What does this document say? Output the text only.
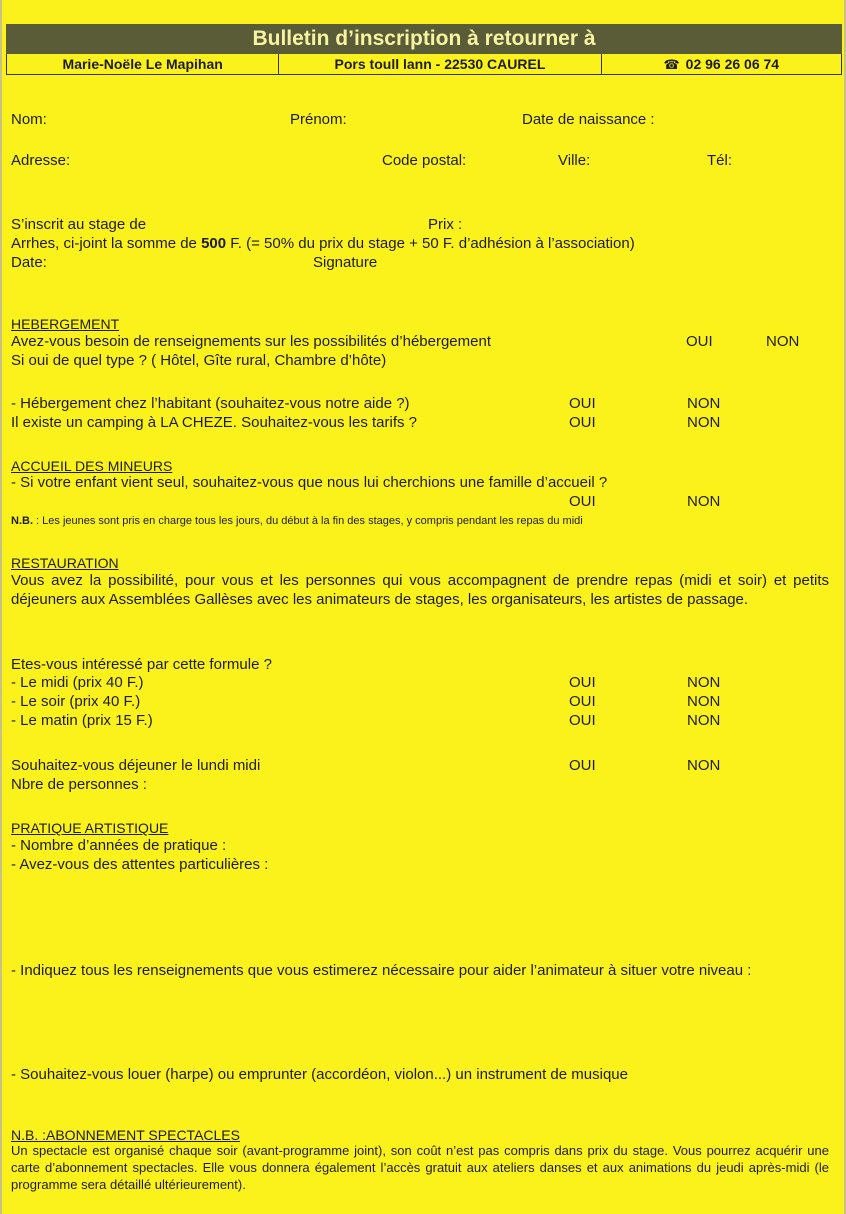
Bulletin d’inscription à retourner à
Marie-Noële Le Mapihan	Pors toull lann - 22530 CAUREL	☎ 02 96 26 06 74
Nom:	Prénom:	Date de naissance :
Adresse:	Code postal:	Ville:	Tél:
S’inscrit au stage de	Prix :
Arrhes, ci-joint la somme de 500 F. (= 50% du prix du stage + 50 F. d’adhésion à l’association)
Date:	Signature
HEBERGEMENT
Avez-vous besoin de renseignements sur les possibilités d’hébergement	OUI	NON
Si oui de quel type ? ( Hôtel, Gîte rural, Chambre d’hôte)
- Hébergement chez l’habitant (souhaitez-vous notre aide ?)	OUI	NON
Il existe un camping à LA CHEZE. Souhaitez-vous les tarifs ?	OUI	NON
ACCUEIL DES MINEURS
- Si votre enfant vient seul, souhaitez-vous que nous lui cherchions une famille d’accueil ?
OUI	NON
N.B. : Les jeunes sont pris en charge tous les jours, du début à la fin des stages, y compris pendant les repas du midi
RESTAURATION
Vous avez la possibilité, pour vous et les personnes qui vous accompagnent de prendre repas (midi et soir) et petits déjeuners aux Assemblées Gallèses avec les animateurs de stages, les organisateurs, les artistes de passage.
Etes-vous intéressé par cette formule ?
- Le midi (prix 40 F.)	OUI	NON
- Le soir (prix 40 F.)	OUI	NON
- Le matin (prix 15 F.)	OUI	NON
Souhaitez-vous déjeuner le lundi midi	OUI	NON
Nbre de personnes :
PRATIQUE ARTISTIQUE
- Nombre d’années de pratique :
- Avez-vous des attentes particulières :
- Indiquez tous les renseignements que vous estimerez nécessaire pour aider l’animateur à situer votre niveau :
- Souhaitez-vous louer (harpe) ou emprunter (accordéon, violon...) un instrument de musique
N.B. :ABONNEMENT SPECTACLES
Un spectacle est organisé chaque soir (avant-programme joint), son coût n’est pas compris dans prix du stage. Vous pourrez acquérir une carte d’abonnement spectacles. Elle vous donnera également l’accès gratuit aux ateliers danses et aux animations du jeudi après-midi (le programme sera détaillé ultérieurement).
